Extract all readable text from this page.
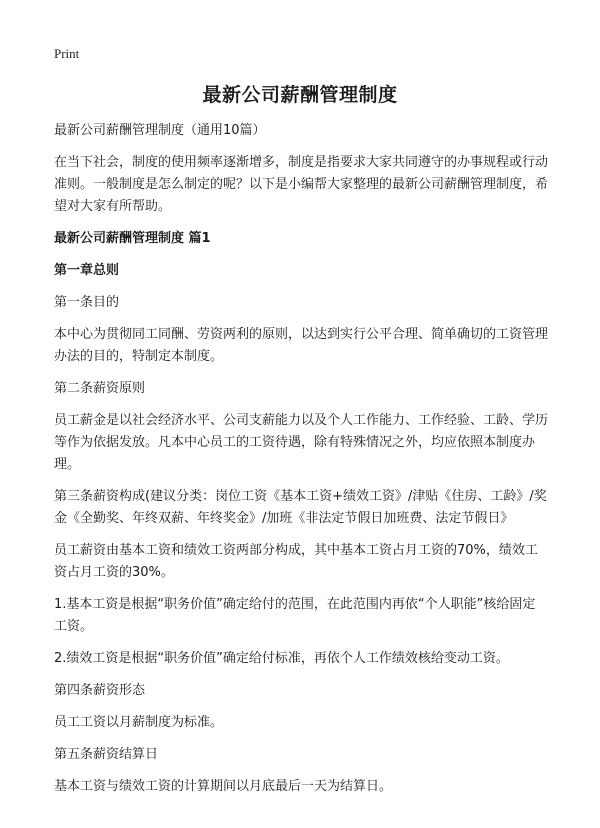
Print
最新公司薪酬管理制度

最新公司薪酬管理制度（通用10篇）

在当下社会，制度的使用频率逐渐增多，制度是指要求大家共同遵守的办事规程或行动准则。一般制度是怎么制定的呢？以下是小编帮大家整理的最新公司薪酬管理制度，希望对大家有所帮助。

最新公司薪酬管理制度 篇1

第一章总则

第一条目的

本中心为贯彻同工同酬、劳资两利的原则，以达到实行公平合理、简单确切的工资管理办法的目的，特制定本制度。

第二条薪资原则

员工薪金是以社会经济水平、公司支薪能力以及个人工作能力、工作经验、工龄、学历等作为依据发放。凡本中心员工的工资待遇，除有特殊情况之外，均应依照本制度办理。

第三条薪资构成(建议分类：岗位工资《基本工资+绩效工资》/津贴《住房、工龄》/奖金《全勤奖、年终双薪、年终奖金》/加班《非法定节假日加班费、法定节假日》

员工薪资由基本工资和绩效工资两部分构成，其中基本工资占月工资的70%，绩效工资占月工资的30%。

1.基本工资是根据“职务价值”确定给付的范围，在此范围内再依“个人职能”核给固定工资。

2.绩效工资是根据“职务价值”确定给付标准，再依个人工作绩效核给变动工资。

第四条薪资形态

员工工资以月薪制度为标准。

第五条薪资结算日

基本工资与绩效工资的计算期间以月底最后一天为结算日。
